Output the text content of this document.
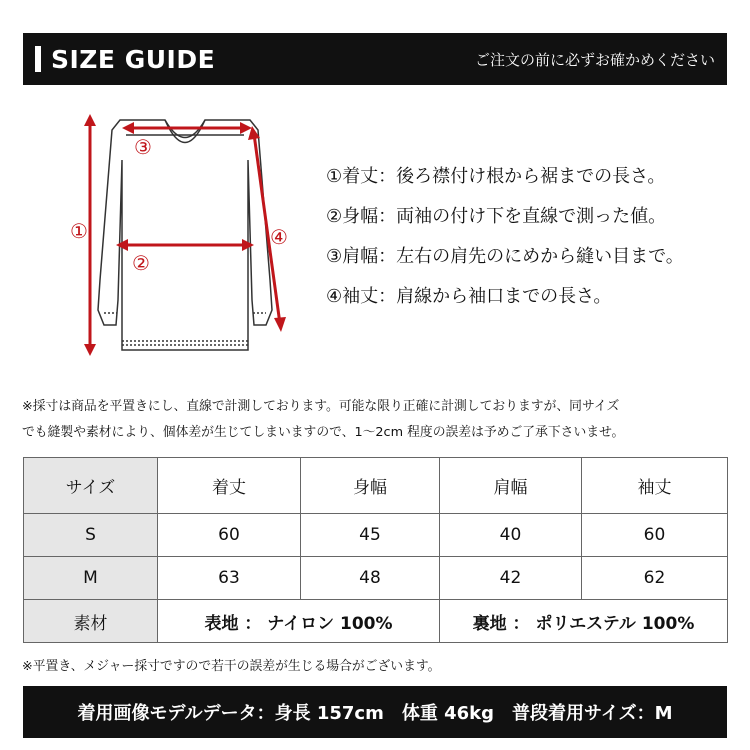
SIZE GUIDE	ご注文の前に必ずお確かめください
①
②
③
④
①着丈：後ろ襟付け根から裾までの長さ。
②身幅：両袖の付け下を直線で測った値。
③肩幅：左右の肩先のにめから縫い目まで。
④袖丈：肩線から袖口までの長さ。
※採寸は商品を平置きにし、直線で計測しております。可能な限り正確に計測しておりますが、同サイズ
でも縫製や素材により、個体差が生じてしまいますので、1〜2cm 程度の誤差は予めご了承下さいませ。
サイズ	着丈	身幅	肩幅	袖丈
S	60	45	40	60
M	63	48	42	62
素材	表地 ： ナイロン 100%		裏地 ： ポリエステル 100%	
※平置き、メジャー採寸ですので若干の誤差が生じる場合がございます。
着用画像モデルデータ：身長 157cm　体重 46kg　普段着用サイズ：M
